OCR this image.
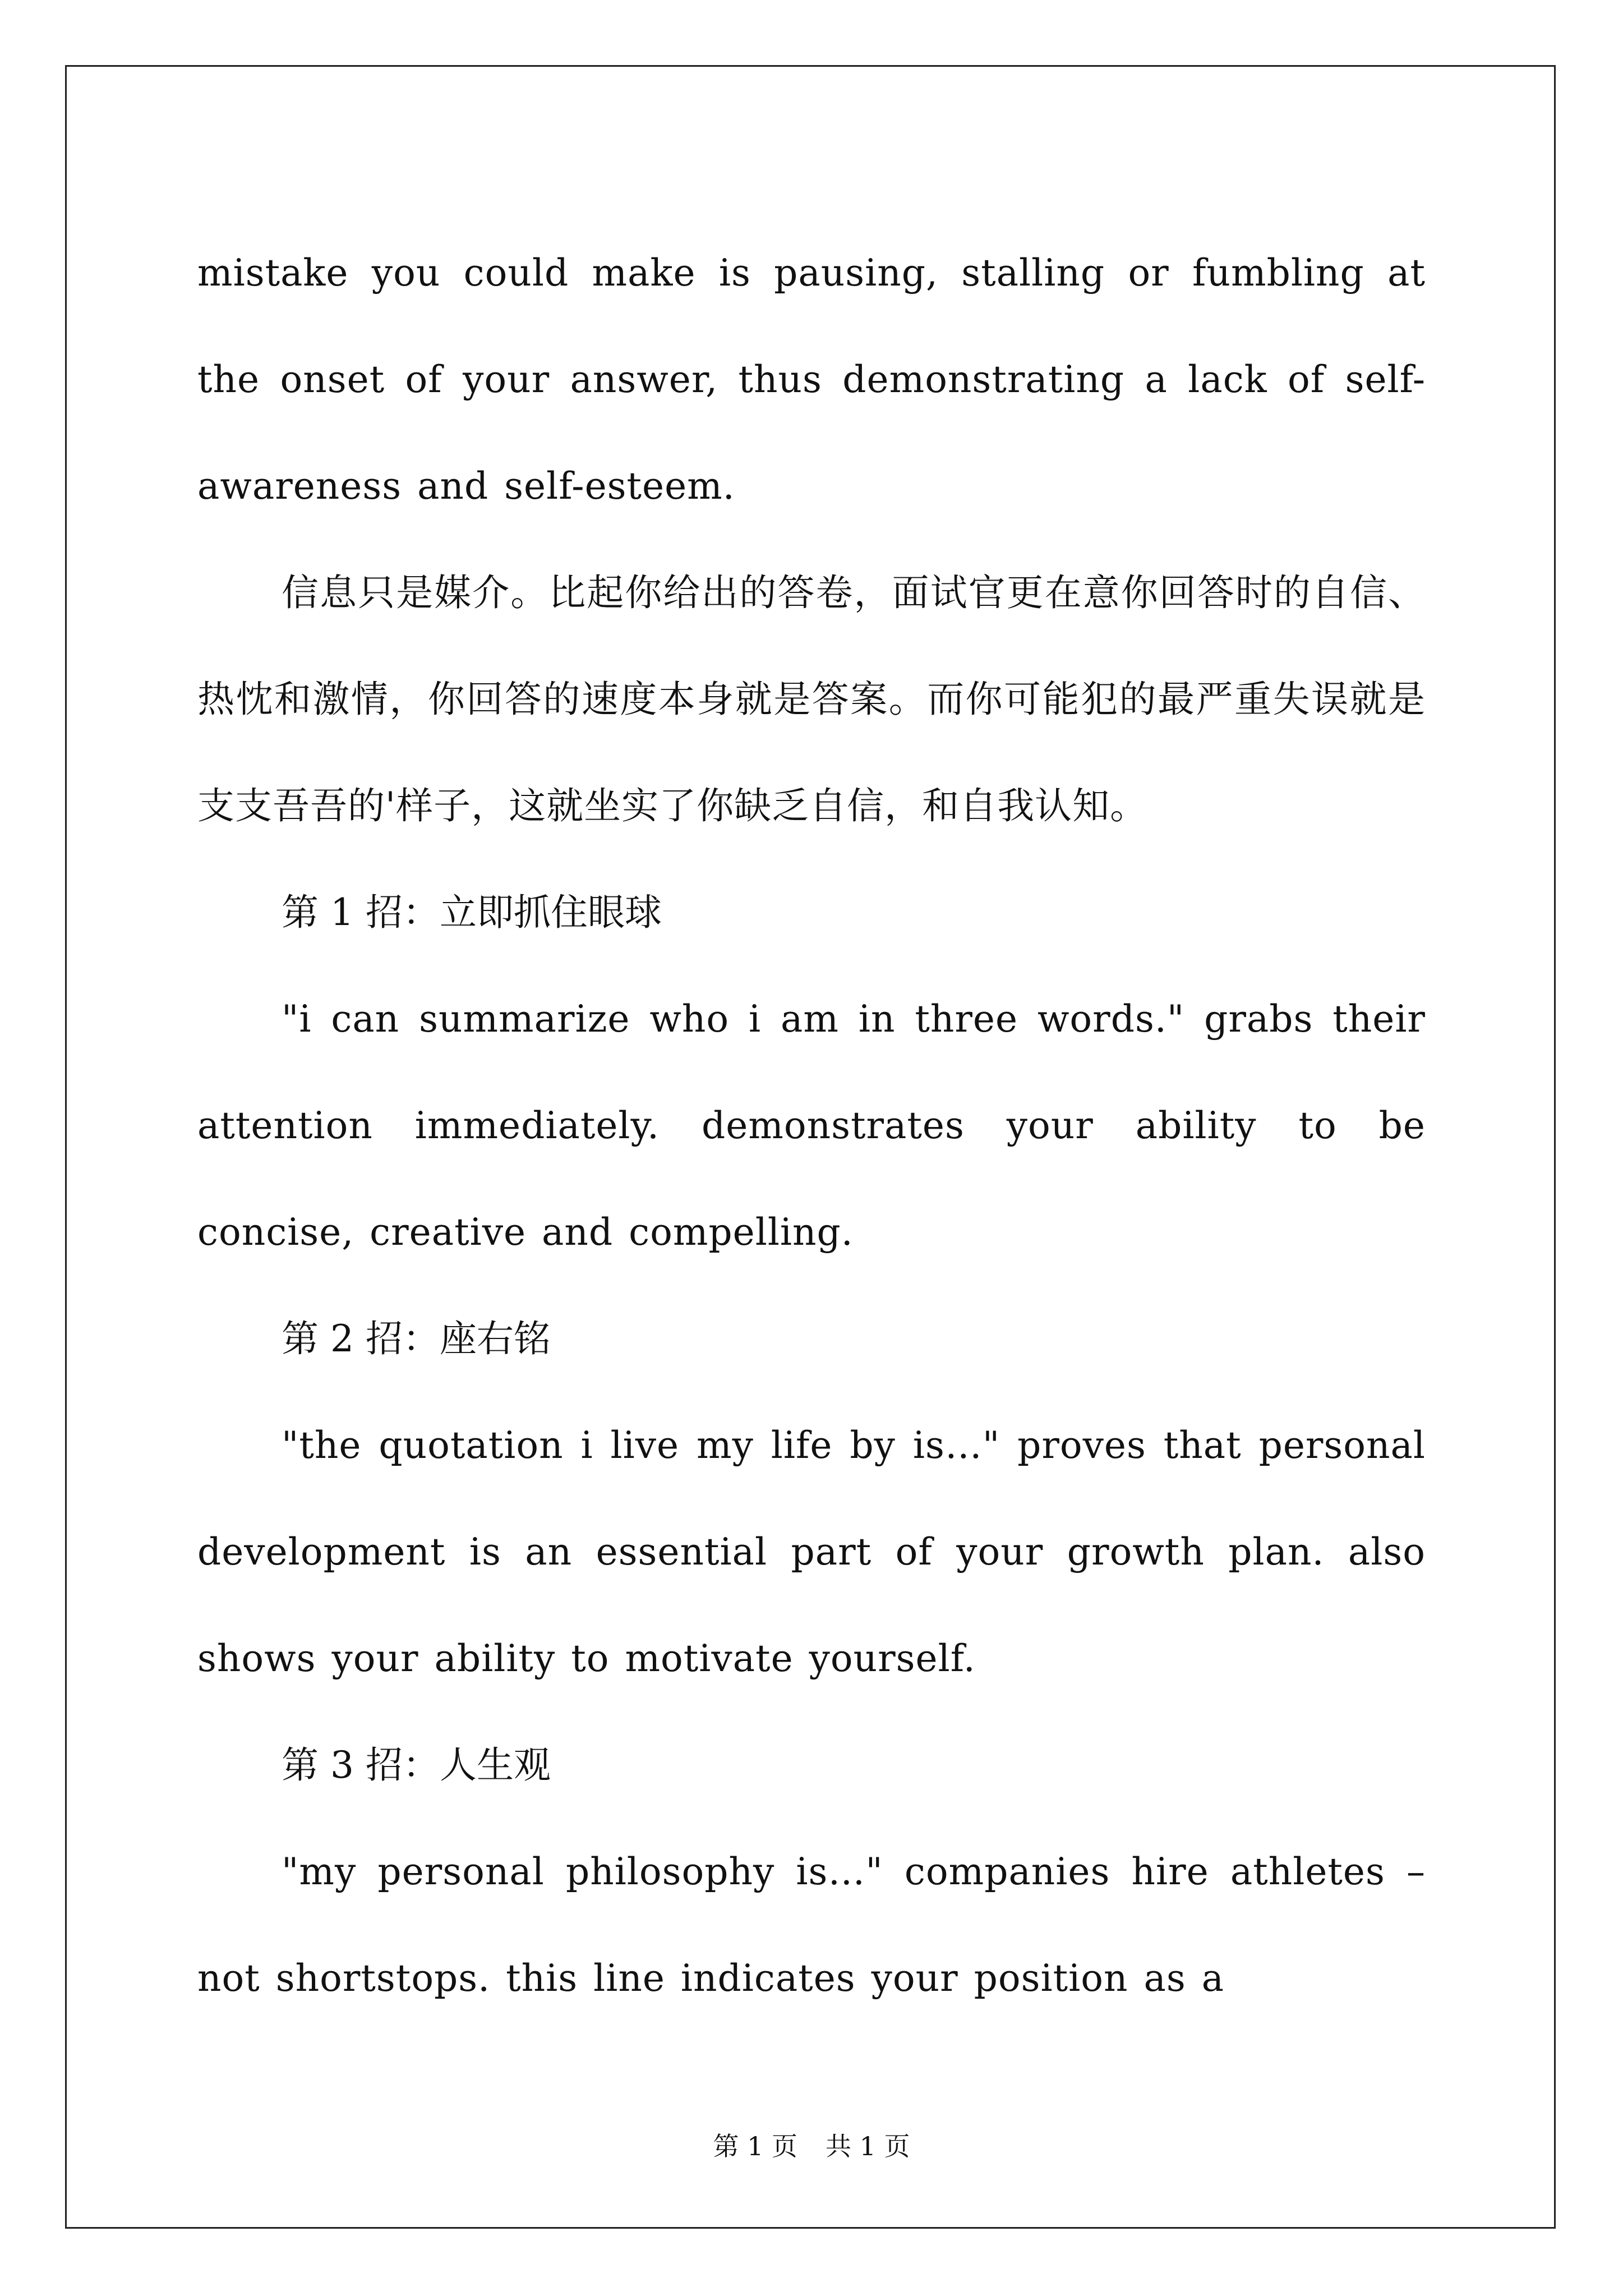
mistake you could make is pausing, stalling or fumbling at the onset of your answer, thus demonstrating a lack of self-awareness and self-esteem.

信息只是媒介。比起你给出的答卷，面试官更在意你回答时的自信、热忱和激情，你回答的速度本身就是答案。而你可能犯的最严重失误就是支支吾吾的'样子，这就坐实了你缺乏自信，和自我认知。

第 1 招：立即抓住眼球

"i can summarize who i am in three words." grabs their attention immediately. demonstrates your ability to be concise, creative and compelling.

第 2 招：座右铭

"the quotation i live my life by is…" proves that personal development is an essential part of your growth plan. also shows your ability to motivate yourself.

第 3 招：人生观

"my personal philosophy is…" companies hire athletes – not shortstops. this line indicates your position as a

第 1 页 共 1 页
